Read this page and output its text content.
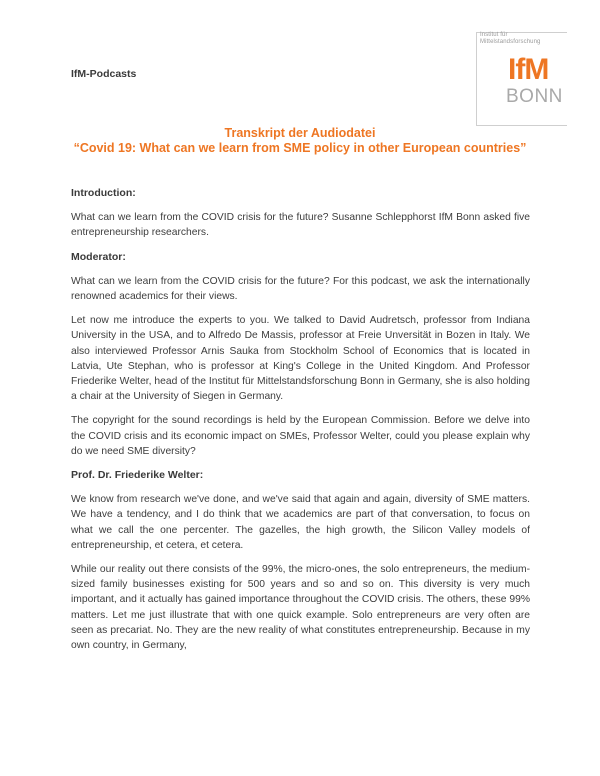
IfM-Podcasts
Institut für
Mittelstandsforschung
IfM
BONN
Transkript der Audiodatei
“Covid 19: What can we learn from SME policy in other European countries”
Introduction:

What can we learn from the COVID crisis for the future? Susanne Schlepphorst IfM Bonn asked five entrepreneurship researchers.

Moderator:

What can we learn from the COVID crisis for the future? For this podcast, we ask the internationally renowned academics for their views.

Let now me introduce the experts to you. We talked to David Audretsch, professor from Indiana University in the USA, and to Alfredo De Massis, professor at Freie Unversität in Bozen in Italy. We also interviewed Professor Arnis Sauka from Stockholm School of Economics that is located in Latvia, Ute Stephan, who is professor at King's College in the United Kingdom. And Professor Friederike Welter, head of the Institut für Mittelstandsforschung Bonn in Germany, she is also holding a chair at the University of Siegen in Germany.

The copyright for the sound recordings is held by the European Commission. Before we delve into the COVID crisis and its economic impact on SMEs, Professor Welter, could you please explain why do we need SME diversity?

Prof. Dr. Friederike Welter:

We know from research we've done, and we've said that again and again, diversity of SME matters. We have a tendency, and I do think that we academics are part of that conversation, to focus on what we call the one percenter. The gazelles, the high growth, the Silicon Valley models of entrepreneurship, et cetera, et cetera.

While our reality out there consists of the 99%, the micro-ones, the solo entrepreneurs, the medium-sized family businesses existing for 500 years and so and so on. This diversity is very much important, and it actually has gained importance throughout the COVID crisis. The others, these 99% matters. Let me just illustrate that with one quick example. Solo entrepreneurs are very often are seen as precariat. No. They are the new reality of what constitutes entrepreneurship. Because in my own country, in Germany,
